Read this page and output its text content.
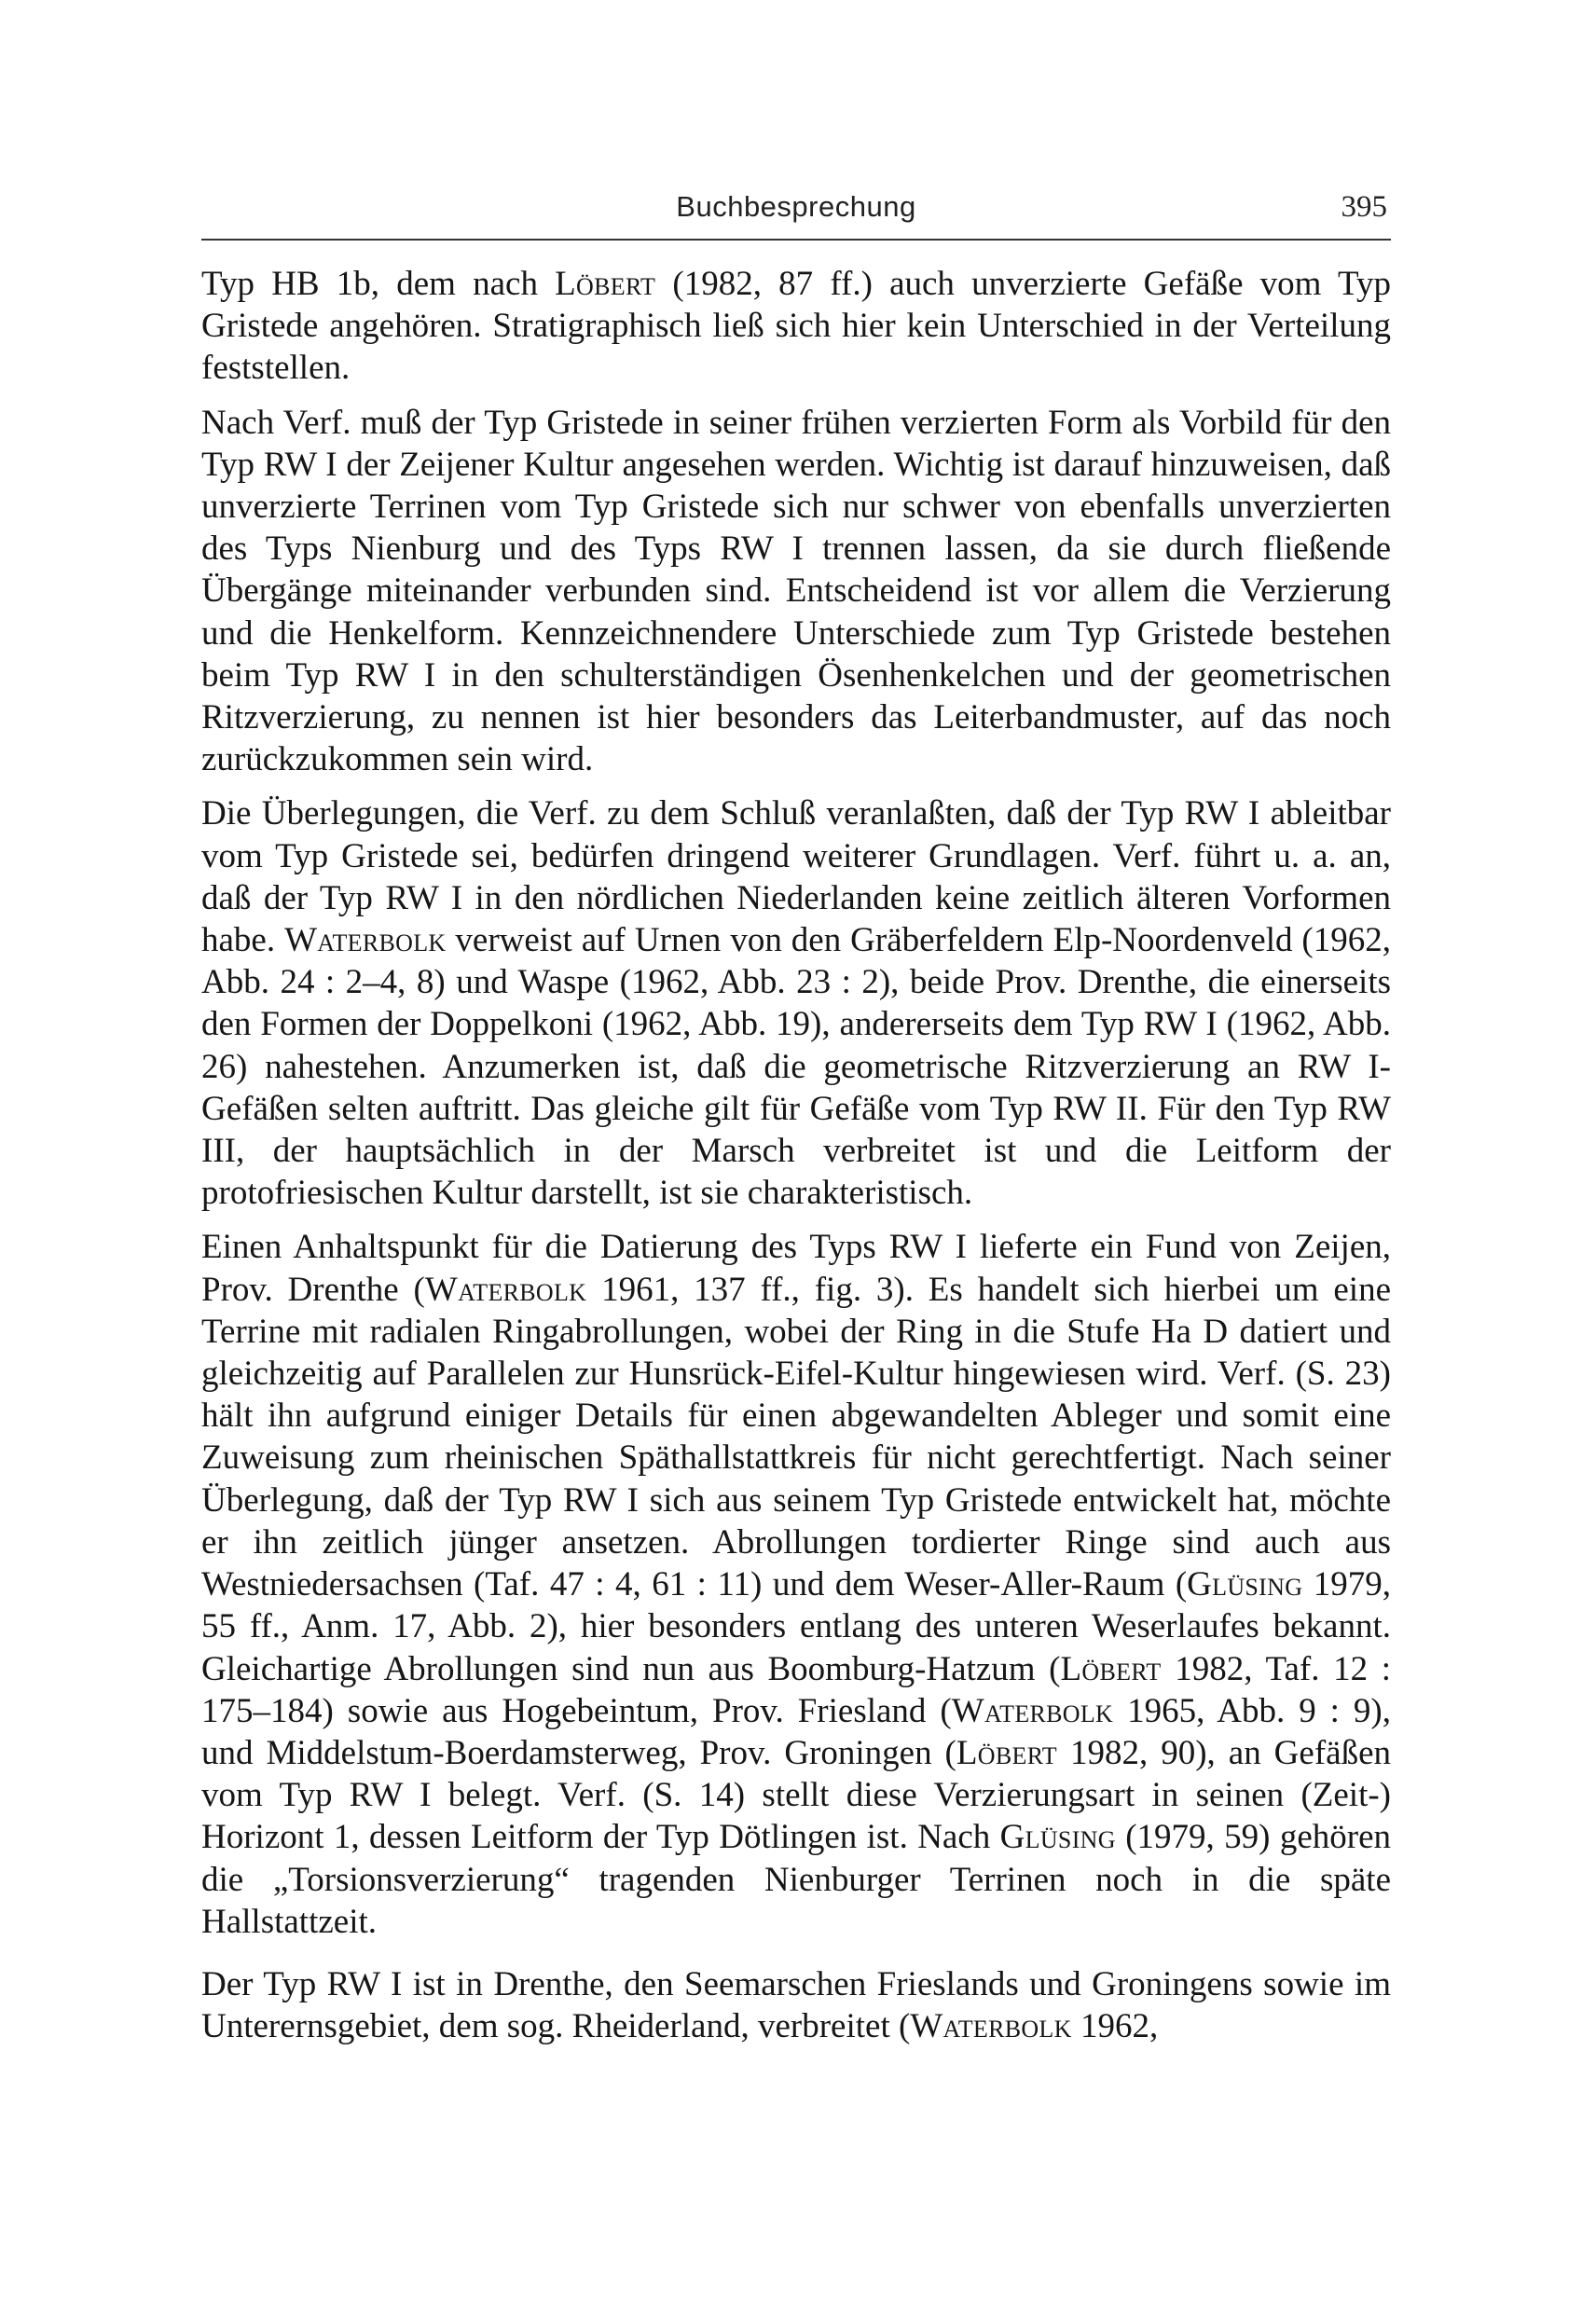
Buchbesprechung	395

Typ HB 1b, dem nach Löbert (1982, 87 ff.) auch unverzierte Gefäße vom Typ Gristede angehören. Stratigraphisch ließ sich hier kein Unterschied in der Verteilung feststellen.

Nach Verf. muß der Typ Gristede in seiner frühen verzierten Form als Vorbild für den Typ RW I der Zeijener Kultur angesehen werden. Wichtig ist darauf hinzuweisen, daß unverzierte Terrinen vom Typ Gristede sich nur schwer von ebenfalls unverzierten des Typs Nienburg und des Typs RW I trennen lassen, da sie durch fließende Übergänge miteinander verbunden sind. Entscheidend ist vor allem die Verzierung und die Henkelform. Kennzeichnendere Unterschiede zum Typ Gristede bestehen beim Typ RW I in den schulterständigen Ösenhenkelchen und der geometrischen Ritzverzierung, zu nennen ist hier besonders das Leiterbandmuster, auf das noch zurückzukommen sein wird.

Die Überlegungen, die Verf. zu dem Schluß veranlaßten, daß der Typ RW I ableitbar vom Typ Gristede sei, bedürfen dringend weiterer Grundlagen. Verf. führt u. a. an, daß der Typ RW I in den nördlichen Niederlanden keine zeitlich älteren Vorformen habe. Waterbolk verweist auf Urnen von den Gräberfeldern Elp-Noordenveld (1962, Abb. 24 : 2–4, 8) und Waspe (1962, Abb. 23 : 2), beide Prov. Drenthe, die einerseits den Formen der Doppelkoni (1962, Abb. 19), andererseits dem Typ RW I (1962, Abb. 26) nahestehen. Anzumerken ist, daß die geometrische Ritzverzierung an RW I-Gefäßen selten auftritt. Das gleiche gilt für Gefäße vom Typ RW II. Für den Typ RW III, der hauptsächlich in der Marsch verbreitet ist und die Leitform der protofriesischen Kultur darstellt, ist sie charakteristisch.

Einen Anhaltspunkt für die Datierung des Typs RW I lieferte ein Fund von Zeijen, Prov. Drenthe (Waterbolk 1961, 137 ff., fig. 3). Es handelt sich hierbei um eine Terrine mit radialen Ringabrollungen, wobei der Ring in die Stufe Ha D datiert und gleichzeitig auf Parallelen zur Hunsrück-Eifel-Kultur hingewiesen wird. Verf. (S. 23) hält ihn aufgrund einiger Details für einen abgewandelten Ableger und somit eine Zuweisung zum rheinischen Späthallstattkreis für nicht gerechtfertigt. Nach seiner Überlegung, daß der Typ RW I sich aus seinem Typ Gristede entwickelt hat, möchte er ihn zeitlich jünger ansetzen. Abrollungen tordierter Ringe sind auch aus Westniedersachsen (Taf. 47 : 4, 61 : 11) und dem Weser-Aller-Raum (Glüsing 1979, 55 ff., Anm. 17, Abb. 2), hier besonders entlang des unteren Weserlaufes bekannt. Gleichartige Abrollungen sind nun aus Boomburg-Hatzum (Löbert 1982, Taf. 12 : 175–184) sowie aus Hogebeintum, Prov. Friesland (Waterbolk 1965, Abb. 9 : 9), und Middelstum-Boerdamsterweg, Prov. Groningen (Löbert 1982, 90), an Gefäßen vom Typ RW I belegt. Verf. (S. 14) stellt diese Verzierungsart in seinen (Zeit-) Horizont 1, dessen Leitform der Typ Dötlingen ist. Nach Glüsing (1979, 59) gehören die „Torsionsverzierung“ tragenden Nienburger Terrinen noch in die späte Hallstattzeit.

Der Typ RW I ist in Drenthe, den Seemarschen Frieslands und Groningens sowie im Unterernsgebiet, dem sog. Rheiderland, verbreitet (Waterbolk 1962,
